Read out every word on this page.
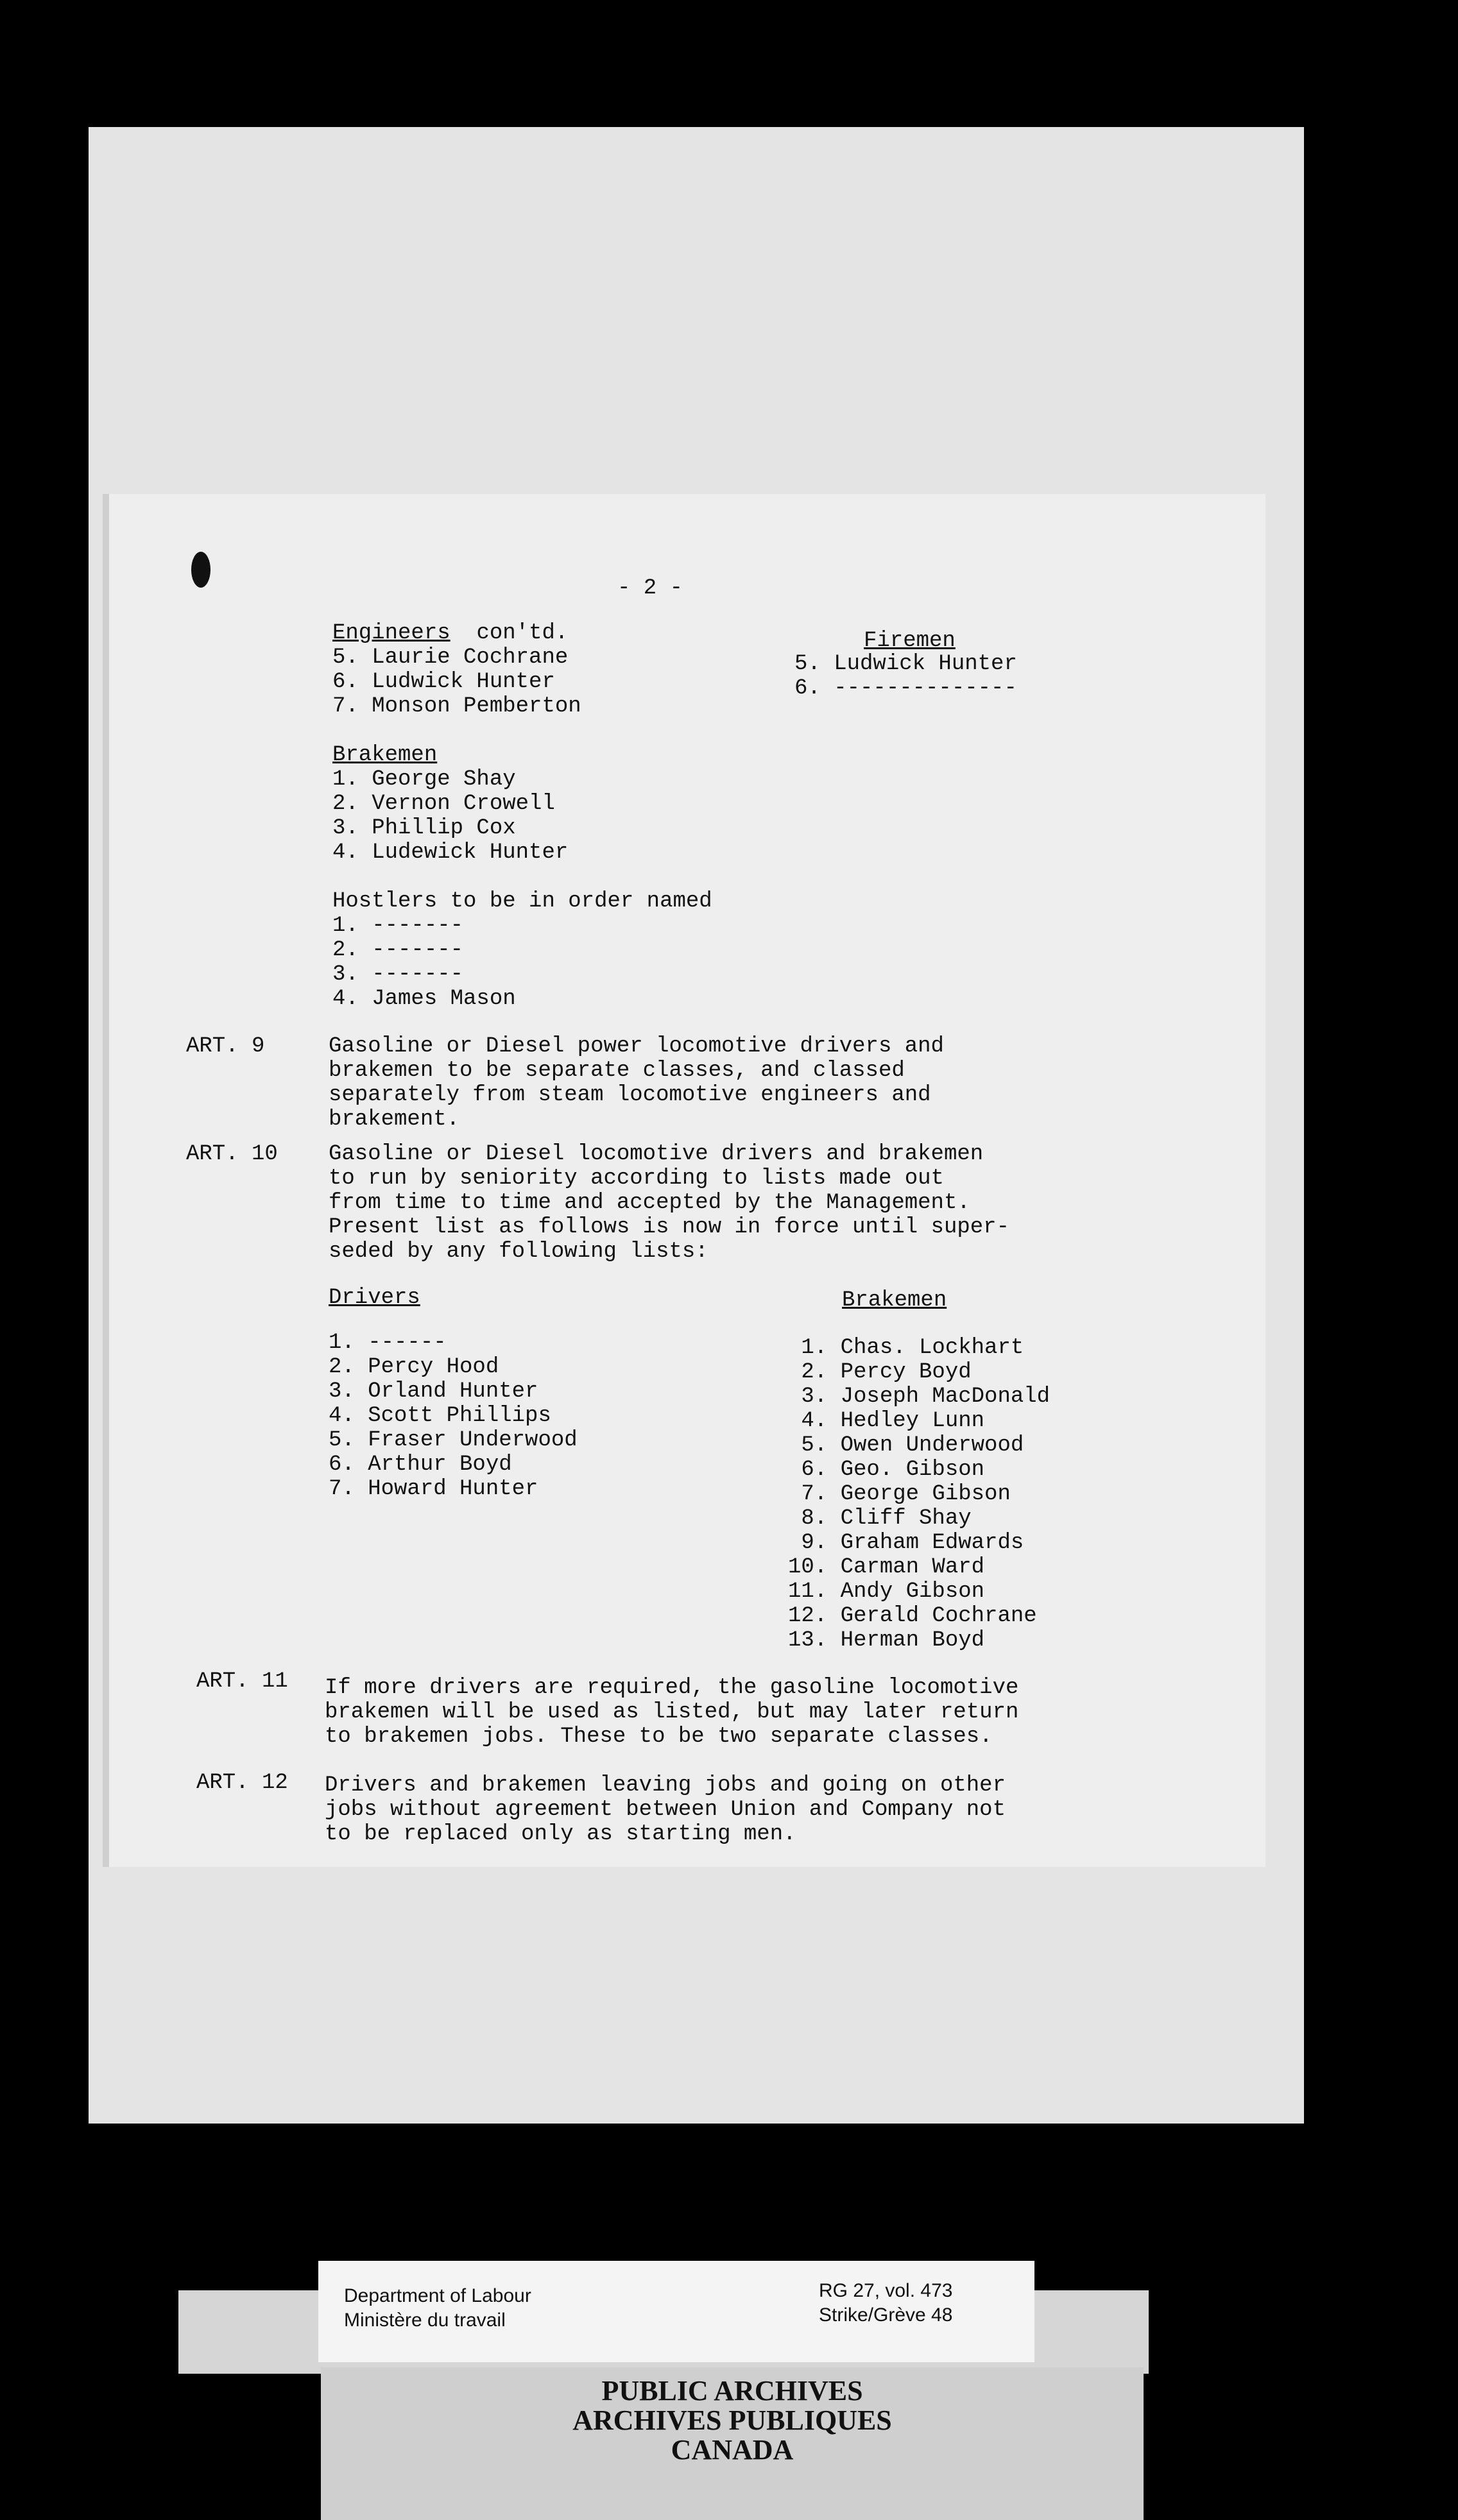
- 2 -
Engineers con'td.
5. Laurie Cochrane
6. Ludwick Hunter
7. Monson Pemberton
Firemen
5. Ludwick Hunter
6. --------------
Brakemen
1. George Shay
2. Vernon Crowell
3. Phillip Cox
4. Ludewick Hunter
Hostlers to be in order named
1. -------
2. -------
3. -------
4. James Mason
ART. 9	Gasoline or Diesel power locomotive drivers and
brakemen to be separate classes, and classed
separately from steam locomotive engineers and
brakement.
ART. 10 Gasoline or Diesel locomotive drivers and brakemen
to run by seniority according to lists made out
from time to time and accepted by the Management.
Present list as follows is now in force until super-
seded by any following lists:
Drivers
1. ------
2. Percy Hood
3. Orland Hunter
4. Scott Phillips
5. Fraser Underwood
6. Arthur Boyd
7. Howard Hunter
Brakemen
1. Chas. Lockhart
2. Percy Boyd
3. Joseph MacDonald
4. Hedley Lunn
5. Owen Underwood
6. Geo. Gibson
7. George Gibson
8. Cliff Shay
9. Graham Edwards
10. Carman Ward
11. Andy Gibson
12. Gerald Cochrane
13. Herman Boyd
ART. 11 If more drivers are required, the gasoline locomotive
brakemen will be used as listed, but may later return
to brakemen jobs. These to be two separate classes.
ART. 12 Drivers and brakemen leaving jobs and going on other
jobs without agreement between Union and Company not
to be replaced only as starting men.
Department of Labour
Ministère du travail
RG 27, vol. 473
Strike/Grève 48
PUBLIC ARCHIVES
ARCHIVES PUBLIQUES
CANADA
